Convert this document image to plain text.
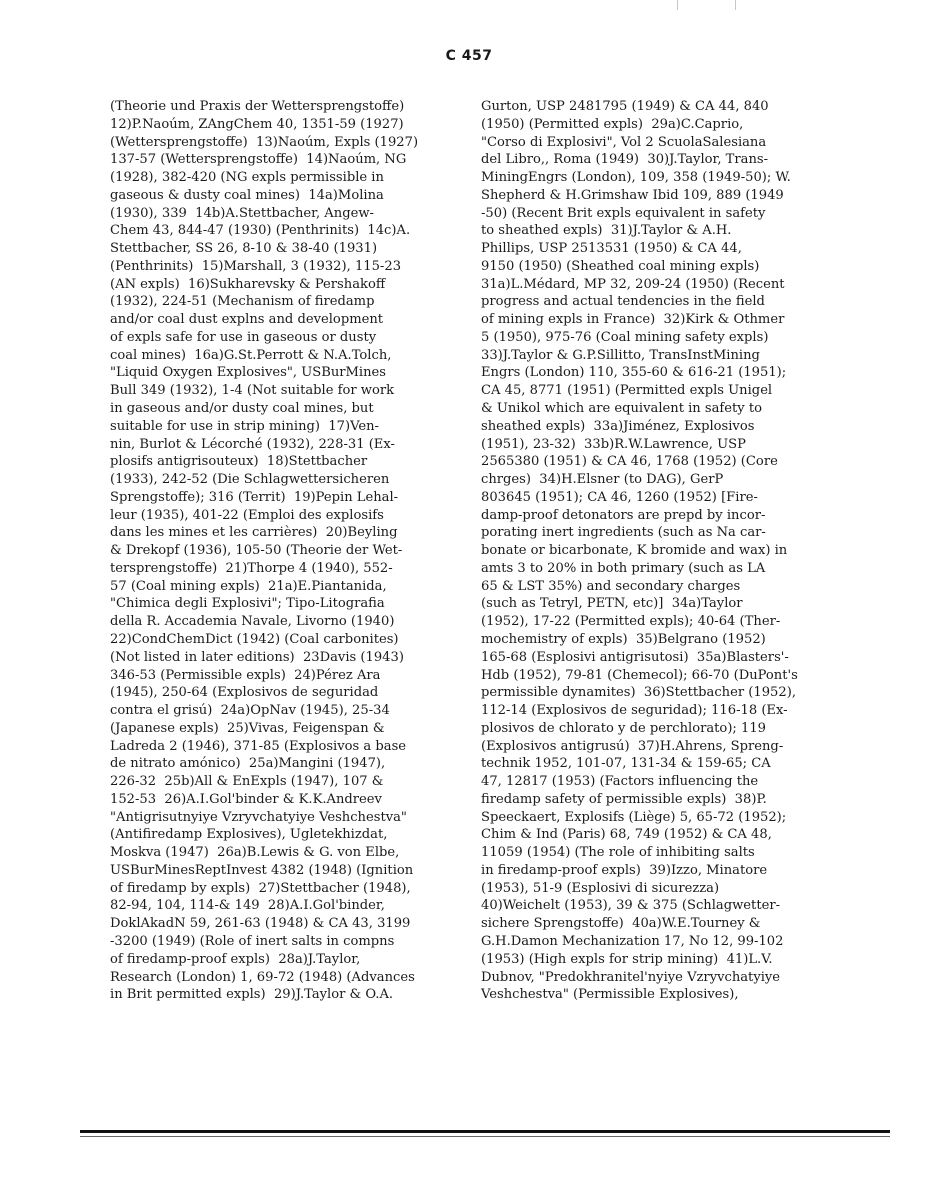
C 457
(Theorie und Praxis der Wettersprengstoffe)
12)P.Naoúm, ZAngChem 40, 1351-59 (1927)
(Wettersprengstoffe)  13)Naoúm, Expls (1927)
137-57 (Wettersprengstoffe)  14)Naoúm, NG
(1928), 382-420 (NG expls permissible in
gaseous & dusty coal mines)  14a)Molina
(1930), 339  14b)A.Stettbacher, Angew-
Chem 43, 844-47 (1930) (Penthrinits)  14c)A.
Stettbacher, SS 26, 8-10 & 38-40 (1931)
(Penthrinits)  15)Marshall, 3 (1932), 115-23
(AN expls)  16)Sukharevsky & Pershakoff
(1932), 224-51 (Mechanism of firedamp
and/or coal dust explns and development
of expls safe for use in gaseous or dusty
coal mines)  16a)G.St.Perrott & N.A.Tolch,
"Liquid Oxygen Explosives", USBurMines
Bull 349 (1932), 1-4 (Not suitable for work
in gaseous and/or dusty coal mines, but
suitable for use in strip mining)  17)Ven-
nin, Burlot & Lécorché (1932), 228-31 (Ex-
plosifs antigrisouteux)  18)Stettbacher
(1933), 242-52 (Die Schlagwettersicheren
Sprengstoffe); 316 (Territ)  19)Pepin Lehal-
leur (1935), 401-22 (Emploi des explosifs
dans les mines et les carrières)  20)Beyling
& Drekopf (1936), 105-50 (Theorie der Wet-
tersprengstoffe)  21)Thorpe 4 (1940), 552-
57 (Coal mining expls)  21a)E.Piantanida,
"Chimica degli Explosivi"; Tipo-Litografia
della R. Accademia Navale, Livorno (1940)
22)CondChemDict (1942) (Coal carbonites)
(Not listed in later editions)  23Davis (1943)
346-53 (Permissible expls)  24)Pérez Ara
(1945), 250-64 (Explosivos de seguridad
contra el grisú)  24a)OpNav (1945), 25-34
(Japanese expls)  25)Vivas, Feigenspan &
Ladreda 2 (1946), 371-85 (Explosivos a base
de nitrato amónico)  25a)Mangini (1947),
226-32  25b)All & EnExpls (1947), 107 &
152-53  26)A.I.Gol'binder & K.K.Andreev
"Antigrisutnyiye Vzryvchatyiye Veshchestva"
(Antifiredamp Explosives), Ugletekhizdat,
Moskva (1947)  26a)B.Lewis & G. von Elbe,
USBurMinesReptInvest 4382 (1948) (Ignition
of firedamp by expls)  27)Stettbacher (1948),
82-94, 104, 114-& 149  28)A.I.Gol'binder,
DoklAkadN 59, 261-63 (1948) & CA 43, 3199
-3200 (1949) (Role of inert salts in compns
of firedamp-proof expls)  28a)J.Taylor,
Research (London) 1, 69-72 (1948) (Advances
in Brit permitted expls)  29)J.Taylor & O.A.
Gurton, USP 2481795 (1949) & CA 44, 840
(1950) (Permitted expls)  29a)C.Caprio,
"Corso di Explosivi", Vol 2 ScuolaSalesiana
del Libro,, Roma (1949)  30)J.Taylor, Trans-
MiningEngrs (London), 109, 358 (1949-50); W.
Shepherd & H.Grimshaw Ibid 109, 889 (1949
-50) (Recent Brit expls equivalent in safety
to sheathed expls)  31)J.Taylor & A.H.
Phillips, USP 2513531 (1950) & CA 44,
9150 (1950) (Sheathed coal mining expls)
31a)L.Médard, MP 32, 209-24 (1950) (Recent
progress and actual tendencies in the field
of mining expls in France)  32)Kirk & Othmer
5 (1950), 975-76 (Coal mining safety expls)
33)J.Taylor & G.P.Sillitto, TransInstMining
Engrs (London) 110, 355-60 & 616-21 (1951);
CA 45, 8771 (1951) (Permitted expls Unigel
& Unikol which are equivalent in safety to
sheathed expls)  33a)Jiménez, Explosivos
(1951), 23-32)  33b)R.W.Lawrence, USP
2565380 (1951) & CA 46, 1768 (1952) (Core
chrges)  34)H.Elsner (to DAG), GerP
803645 (1951); CA 46, 1260 (1952) [Fire-
damp-proof detonators are prepd by incor-
porating inert ingredients (such as Na car-
bonate or bicarbonate, K bromide and wax) in
amts 3 to 20% in both primary (such as LA
65 & LST 35%) and secondary charges
(such as Tetryl, PETN, etc)]  34a)Taylor
(1952), 17-22 (Permitted expls); 40-64 (Ther-
mochemistry of expls)  35)Belgrano (1952)
165-68 (Esplosivi antigrisutosi)  35a)Blasters'-
Hdb (1952), 79-81 (Chemecol); 66-70 (DuPont's
permissible dynamites)  36)Stettbacher (1952),
112-14 (Explosivos de seguridad); 116-18 (Ex-
plosivos de chlorato y de perchlorato); 119
(Explosivos antigrusú)  37)H.Ahrens, Spreng-
technik 1952, 101-07, 131-34 & 159-65; CA
47, 12817 (1953) (Factors influencing the
firedamp safety of permissible expls)  38)P.
Speeckaert, Explosifs (Liège) 5, 65-72 (1952);
Chim & Ind (Paris) 68, 749 (1952) & CA 48,
11059 (1954) (The role of inhibiting salts
in firedamp-proof expls)  39)Izzo, Minatore
(1953), 51-9 (Esplosivi di sicurezza)
40)Weichelt (1953), 39 & 375 (Schlagwetter-
sichere Sprengstoffe)  40a)W.E.Tourney &
G.H.Damon Mechanization 17, No 12, 99-102
(1953) (High expls for strip mining)  41)L.V.
Dubnov, "Predokhranitel'nyiye Vzryvchatyiye
Veshchestva" (Permissible Explosives),
